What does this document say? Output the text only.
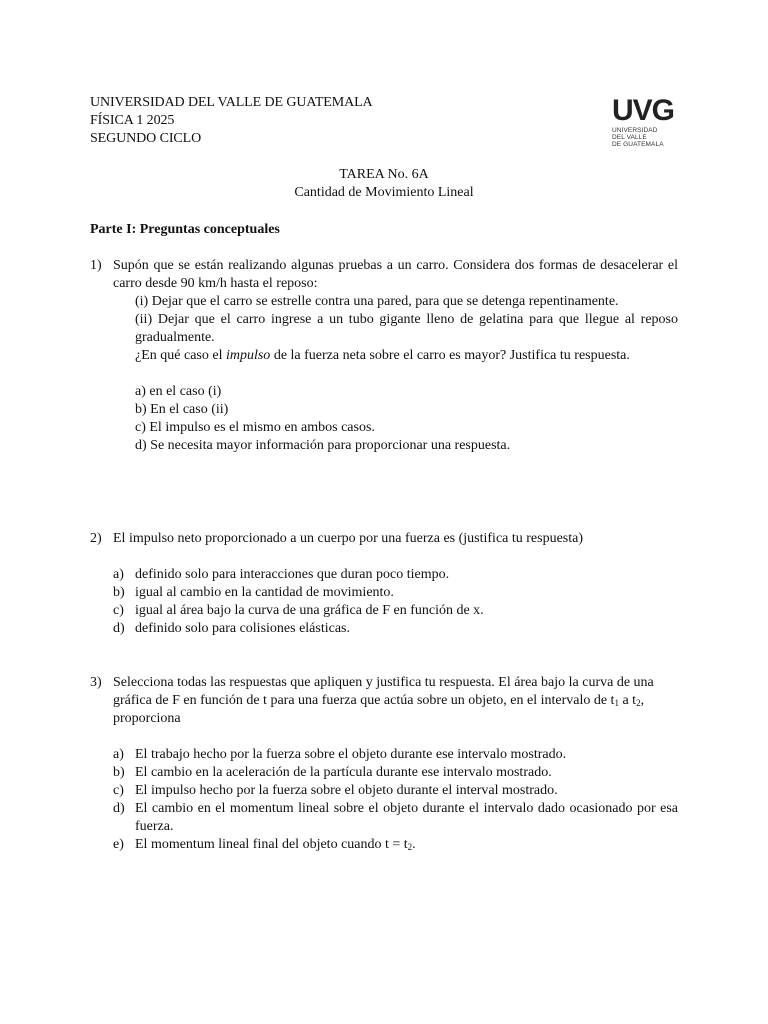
UNIVERSIDAD DEL VALLE DE GUATEMALA
FÍSICA 1 2025
SEGUNDO CICLO
UVG
UNIVERSIDAD
DEL VALLE
DE GUATEMALA
TAREA No. 6A
Cantidad de Movimiento Lineal
Parte I: Preguntas conceptuales
1) Supón que se están realizando algunas pruebas a un carro. Considera dos formas de desacelerar el carro desde 90 km/h hasta el reposo:
(i) Dejar que el carro se estrelle contra una pared, para que se detenga repentinamente.
(ii) Dejar que el carro ingrese a un tubo gigante lleno de gelatina para que llegue al reposo gradualmente.
¿En qué caso el impulso de la fuerza neta sobre el carro es mayor? Justifica tu respuesta.
a) en el caso (i)
b) En el caso (ii)
c) El impulso es el mismo en ambos casos.
d) Se necesita mayor información para proporcionar una respuesta.
2) El impulso neto proporcionado a un cuerpo por una fuerza es (justifica tu respuesta)
a) definido solo para interacciones que duran poco tiempo.
b) igual al cambio en la cantidad de movimiento.
c) igual al área bajo la curva de una gráfica de F en función de x.
d) definido solo para colisiones elásticas.
3) Selecciona todas las respuestas que apliquen y justifica tu respuesta. El área bajo la curva de una gráfica de F en función de t para una fuerza que actúa sobre un objeto, en el intervalo de $t_1$ a $t_2$, proporciona
a) El trabajo hecho por la fuerza sobre el objeto durante ese intervalo mostrado.
b) El cambio en la aceleración de la partícula durante ese intervalo mostrado.
c) El impulso hecho por la fuerza sobre el objeto durante el interval mostrado.
d) El cambio en el momentum lineal sobre el objeto durante el intervalo dado ocasionado por esa fuerza.
e) El momentum lineal final del objeto cuando $t = t_2$.
